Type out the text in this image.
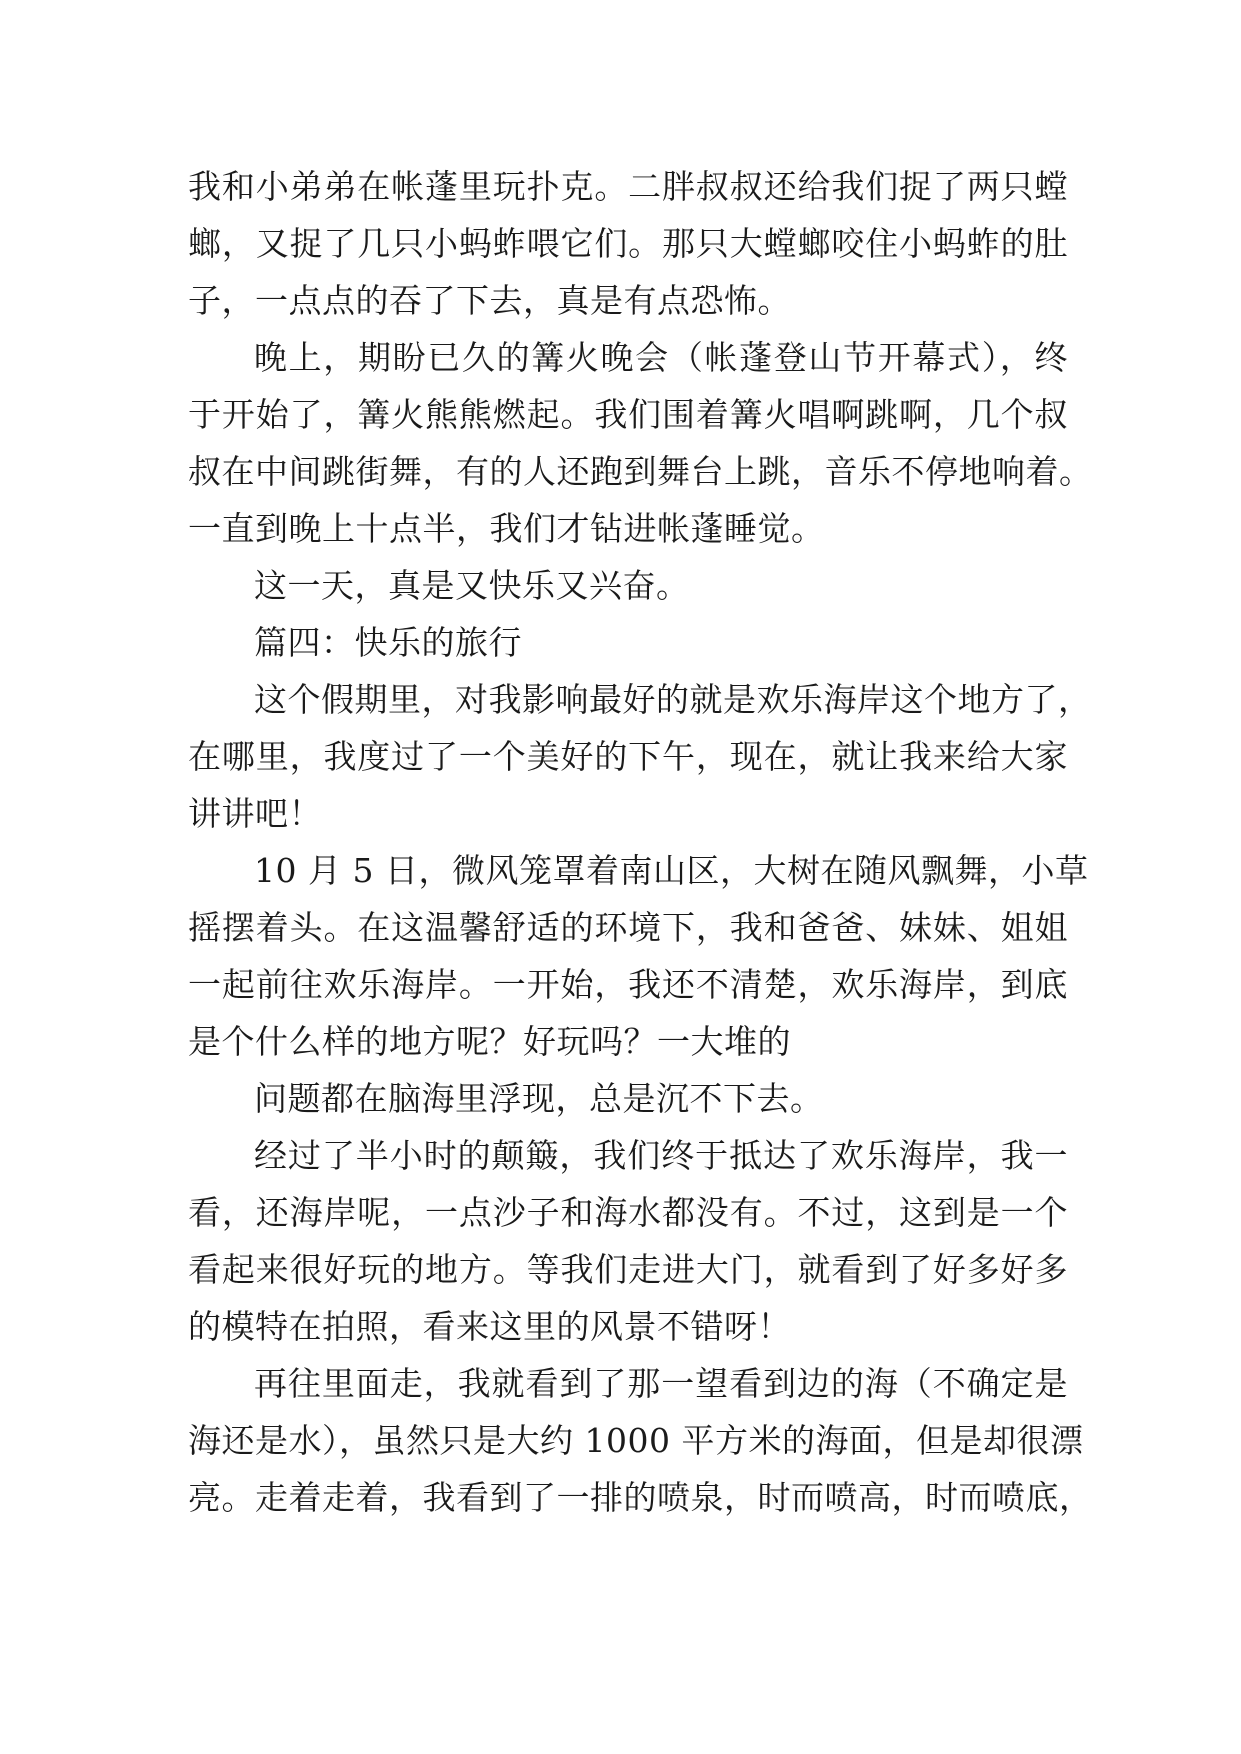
我和小弟弟在帐蓬里玩扑克。二胖叔叔还给我们捉了两只螳
螂，又捉了几只小蚂蚱喂它们。那只大螳螂咬住小蚂蚱的肚
子，一点点的吞了下去，真是有点恐怖。
晚上，期盼已久的篝火晚会（帐蓬登山节开幕式），终
于开始了，篝火熊熊燃起。我们围着篝火唱啊跳啊，几个叔
叔在中间跳街舞，有的人还跑到舞台上跳，音乐不停地响着。
一直到晚上十点半，我们才钻进帐蓬睡觉。
这一天，真是又快乐又兴奋。
篇四：快乐的旅行
这个假期里，对我影响最好的就是欢乐海岸这个地方了，
在哪里，我度过了一个美好的下午，现在，就让我来给大家
讲讲吧！
10 月 5 日，微风笼罩着南山区，大树在随风飘舞，小草
摇摆着头。在这温馨舒适的环境下，我和爸爸、妹妹、姐姐
一起前往欢乐海岸。一开始，我还不清楚，欢乐海岸，到底
是个什么样的地方呢？好玩吗？一大堆的
问题都在脑海里浮现，总是沉不下去。
经过了半小时的颠簸，我们终于抵达了欢乐海岸，我一
看，还海岸呢，一点沙子和海水都没有。不过，这到是一个
看起来很好玩的地方。等我们走进大门，就看到了好多好多
的模特在拍照，看来这里的风景不错呀！
再往里面走，我就看到了那一望看到边的海（不确定是
海还是水），虽然只是大约 1000 平方米的海面，但是却很漂
亮。走着走着，我看到了一排的喷泉，时而喷高，时而喷底，
